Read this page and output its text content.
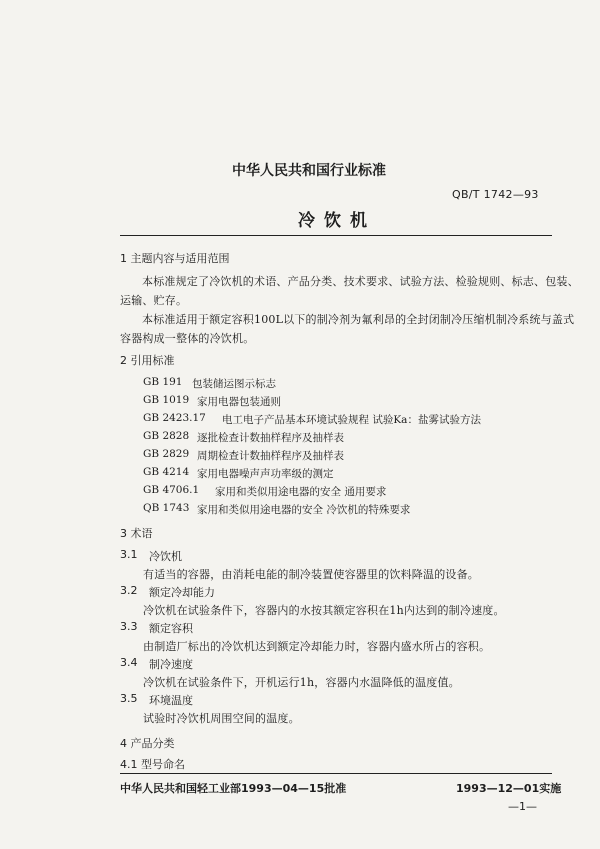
中华人民共和国行业标准
QB/T 1742—93
冷饮机
1 主题内容与适用范围
本标准规定了冷饮机的术语、产品分类、技术要求、试验方法、检验规则、标志、包装、
运输、贮存。
本标准适用于额定容积100L以下的制冷剂为氟利昂的全封闭制冷压缩机制冷系统与盖式
容器构成一整体的冷饮机。
2 引用标准
GB 191 包装储运图示标志
GB 1019 家用电器包装通则
GB 2423.17 电工电子产品基本环境试验规程 试验Ka：盐雾试验方法
GB 2828 逐批检查计数抽样程序及抽样表
GB 2829 周期检查计数抽样程序及抽样表
GB 4214 家用电器噪声声功率级的测定
GB 4706.1 家用和类似用途电器的安全 通用要求
QB 1743 家用和类似用途电器的安全 冷饮机的特殊要求
3 术语
3.1 冷饮机
有适当的容器，由消耗电能的制冷装置使容器里的饮料降温的设备。
3.2 额定冷却能力
冷饮机在试验条件下，容器内的水按其额定容积在1h内达到的制冷速度。
3.3 额定容积
由制造厂标出的冷饮机达到额定冷却能力时，容器内盛水所占的容积。
3.4 制冷速度
冷饮机在试验条件下，开机运行1h，容器内水温降低的温度值。
3.5 环境温度
试验时冷饮机周围空间的温度。
4 产品分类
4.1 型号命名
中华人民共和国轻工业部1993—04—15批准	1993—12—01实施
—1—
